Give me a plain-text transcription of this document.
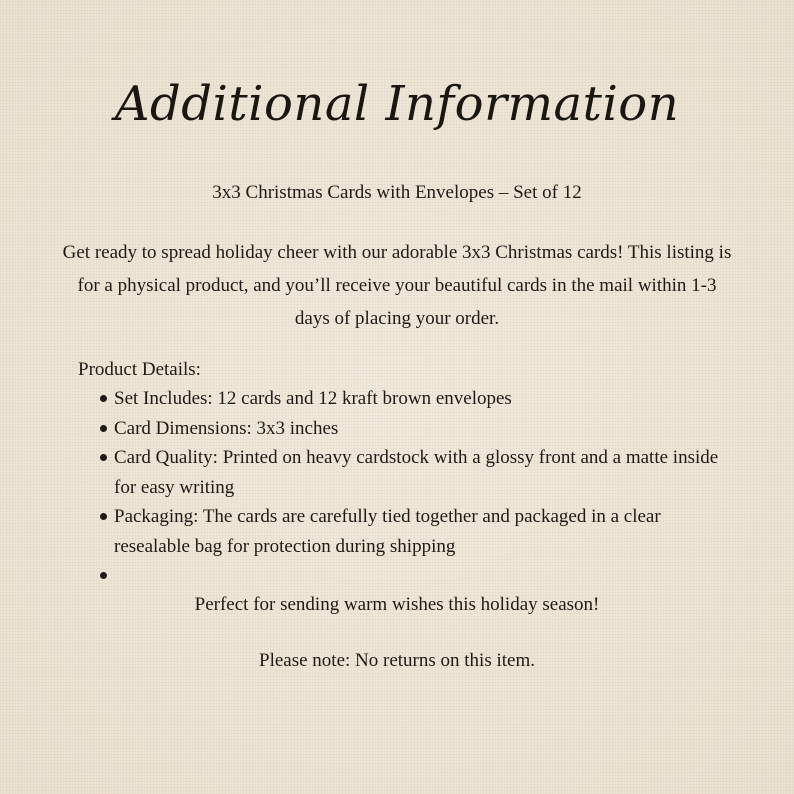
Additional Information
3x3 Christmas Cards with Envelopes – Set of 12
Get ready to spread holiday cheer with our adorable 3x3 Christmas cards! This listing is for a physical product, and you’ll receive your beautiful cards in the mail within 1-3 days of placing your order.
Product Details:
Set Includes: 12 cards and 12 kraft brown envelopes
Card Dimensions: 3x3 inches
Card Quality: Printed on heavy cardstock with a glossy front and a matte inside for easy writing
Packaging: The cards are carefully tied together and packaged in a clear resealable bag for protection during shipping
Perfect for sending warm wishes this holiday season!
Please note: No returns on this item.
